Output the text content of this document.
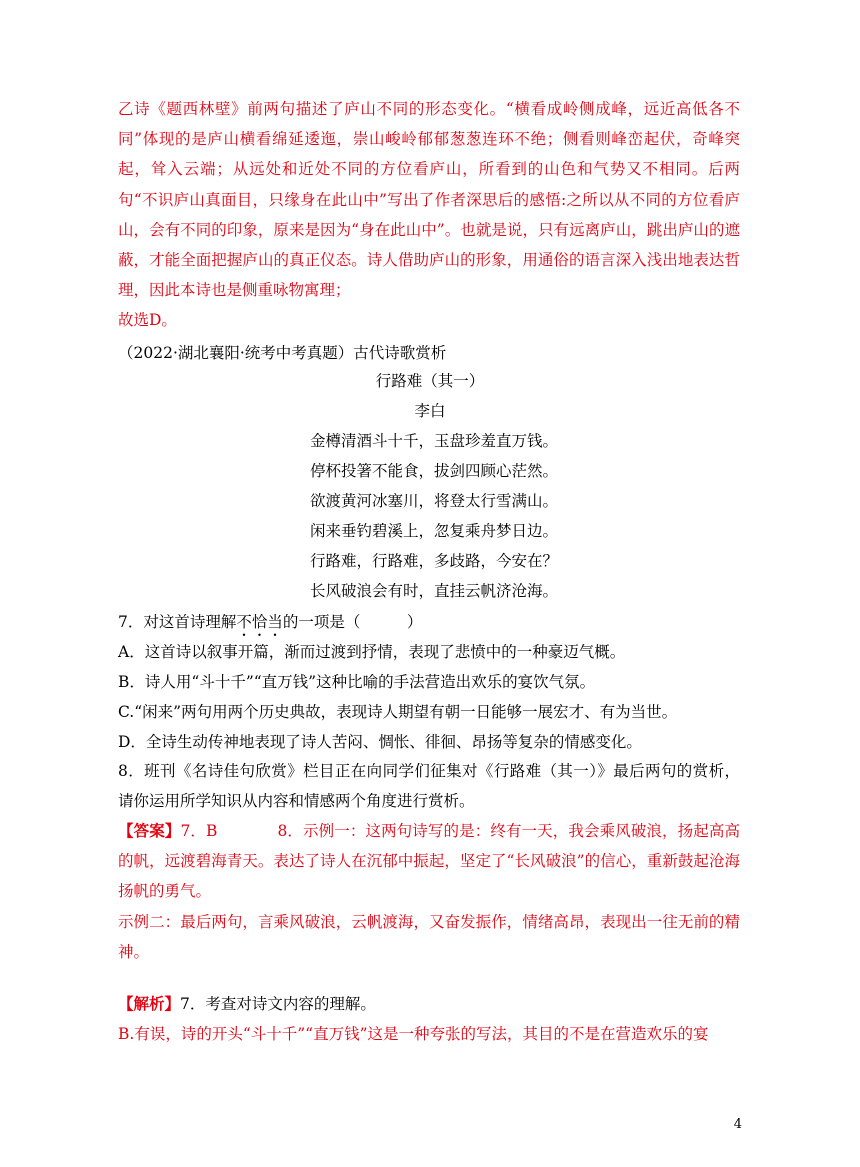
乙诗《题西林壁》前两句描述了庐山不同的形态变化。“横看成岭侧成峰，远近高低各不同”体现的是庐山横看绵延逶迤，崇山峻岭郁郁葱葱连环不绝；侧看则峰峦起伏，奇峰突起，耸入云端；从远处和近处不同的方位看庐山，所看到的山色和气势又不相同。后两句“不识庐山真面目，只缘身在此山中”写出了作者深思后的感悟:之所以从不同的方位看庐山，会有不同的印象，原来是因为“身在此山中”。也就是说，只有远离庐山，跳出庐山的遮蔽，才能全面把握庐山的真正仪态。诗人借助庐山的形象，用通俗的语言深入浅出地表达哲理，因此本诗也是侧重咏物寓理；

故选D。

（2022·湖北襄阳·统考中考真题）古代诗歌赏析

行路难（其一）

李白

金樽清酒斗十千，玉盘珍羞直万钱。

停杯投箸不能食，拔剑四顾心茫然。

欲渡黄河冰塞川，将登太行雪满山。

闲来垂钓碧溪上，忽复乘舟梦日边。

行路难，行路难，多歧路，今安在？

长风破浪会有时，直挂云帆济沧海。

7．对这首诗理解不恰当的一项是（　　　）

A．这首诗以叙事开篇，渐而过渡到抒情，表现了悲愤中的一种豪迈气概。

B．诗人用“斗十千”“直万钱”这种比喻的手法营造出欢乐的宴饮气氛。

C.“闲来”两句用两个历史典故，表现诗人期望有朝一日能够一展宏才、有为当世。

D．全诗生动传神地表现了诗人苦闷、惆怅、徘徊、昂扬等复杂的情感变化。

8．班刊《名诗佳句欣赏》栏目正在向同学们征集对《行路难（其一）》最后两句的赏析，请你运用所学知识从内容和情感两个角度进行赏析。

【答案】7．B	8．示例一：这两句诗写的是：终有一天，我会乘风破浪，扬起高高的帆，远渡碧海青天。表达了诗人在沉郁中振起，坚定了“长风破浪”的信心，重新鼓起沧海扬帆的勇气。

示例二：最后两句，言乘风破浪，云帆渡海，又奋发振作，情绪高昂，表现出一往无前的精神。

【解析】7．考查对诗文内容的理解。

B.有误，诗的开头“斗十千”“直万钱”这是一种夸张的写法，其目的不是在营造欢乐的宴

4
